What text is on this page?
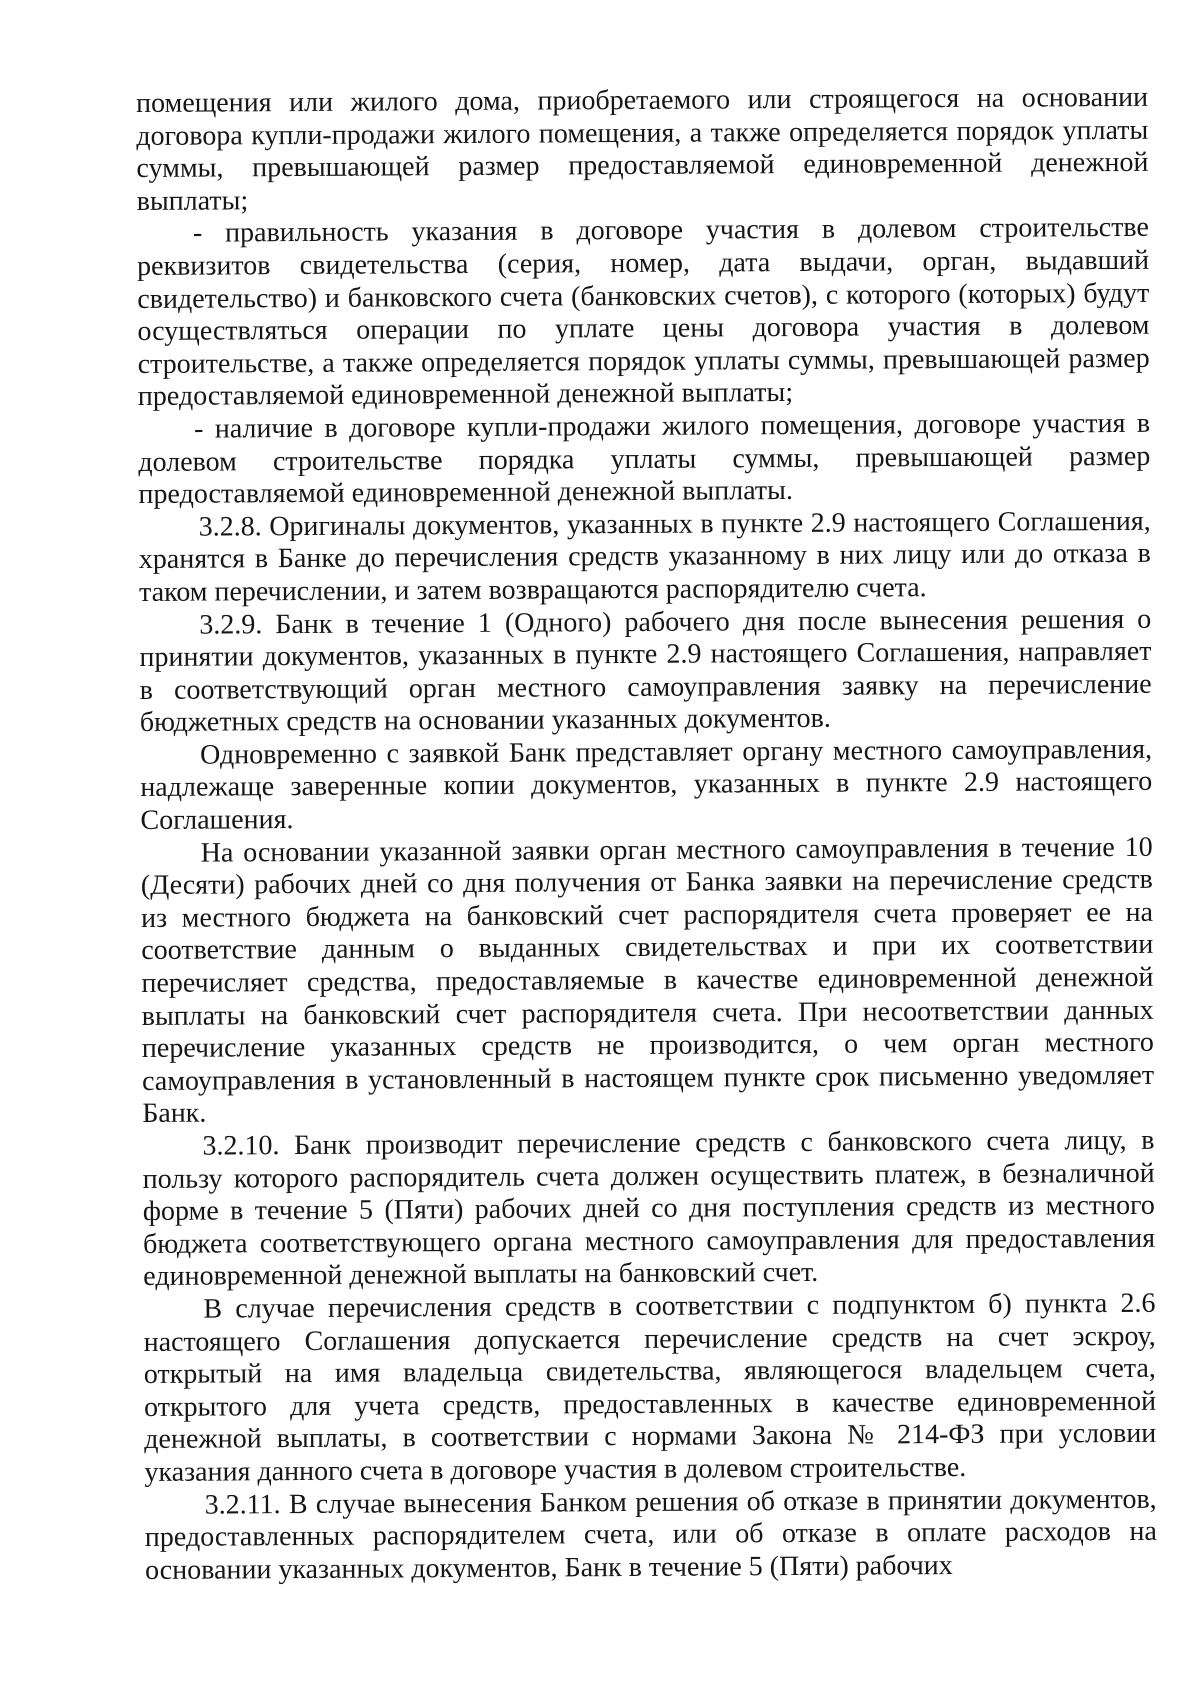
помещения или жилого дома, приобретаемого или строящегося на основании договора купли-продажи жилого помещения, а также определяется порядок уплаты суммы, превышающей размер предоставляемой единовременной денежной выплаты;

- правильность указания в договоре участия в долевом строительстве реквизитов свидетельства (серия, номер, дата выдачи, орган, выдавший свидетельство) и банковского счета (банковских счетов), с которого (которых) будут осуществляться операции по уплате цены договора участия в долевом строительстве, а также определяется порядок уплаты суммы, превышающей размер предоставляемой единовременной денежной выплаты;

- наличие в договоре купли-продажи жилого помещения, договоре участия в долевом строительстве порядка уплаты суммы, превышающей размер предоставляемой единовременной денежной выплаты.

3.2.8. Оригиналы документов, указанных в пункте 2.9 настоящего Соглашения, хранятся в Банке до перечисления средств указанному в них лицу или до отказа в таком перечислении, и затем возвращаются распорядителю счета.

3.2.9. Банк в течение 1 (Одного) рабочего дня после вынесения решения о принятии документов, указанных в пункте 2.9 настоящего Соглашения, направляет в соответствующий орган местного самоуправления заявку на перечисление бюджетных средств на основании указанных документов.

Одновременно с заявкой Банк представляет органу местного самоуправления, надлежаще заверенные копии документов, указанных в пункте 2.9 настоящего Соглашения.

На основании указанной заявки орган местного самоуправления в течение 10 (Десяти) рабочих дней со дня получения от Банка заявки на перечисление средств из местного бюджета на банковский счет распорядителя счета проверяет ее на соответствие данным о выданных свидетельствах и при их соответствии перечисляет средства, предоставляемые в качестве единовременной денежной выплаты на банковский счет распорядителя счета. При несоответствии данных перечисление указанных средств не производится, о чем орган местного самоуправления в установленный в настоящем пункте срок письменно уведомляет Банк.

3.2.10. Банк производит перечисление средств с банковского счета лицу, в пользу которого распорядитель счета должен осуществить платеж, в безналичной форме в течение 5 (Пяти) рабочих дней со дня поступления средств из местного бюджета соответствующего органа местного самоуправления для предоставления единовременной денежной выплаты на банковский счет.

В случае перечисления средств в соответствии с подпунктом б) пункта 2.6 настоящего Соглашения допускается перечисление средств на счет эскроу, открытый на имя владельца свидетельства, являющегося владельцем счета, открытого для учета средств, предоставленных в качестве единовременной денежной выплаты, в соответствии с нормами Закона № 214-ФЗ при условии указания данного счета в договоре участия в долевом строительстве.

3.2.11. В случае вынесения Банком решения об отказе в принятии документов, предоставленных распорядителем счета, или об отказе в оплате расходов на основании указанных документов, Банк в течение 5 (Пяти) рабочих
